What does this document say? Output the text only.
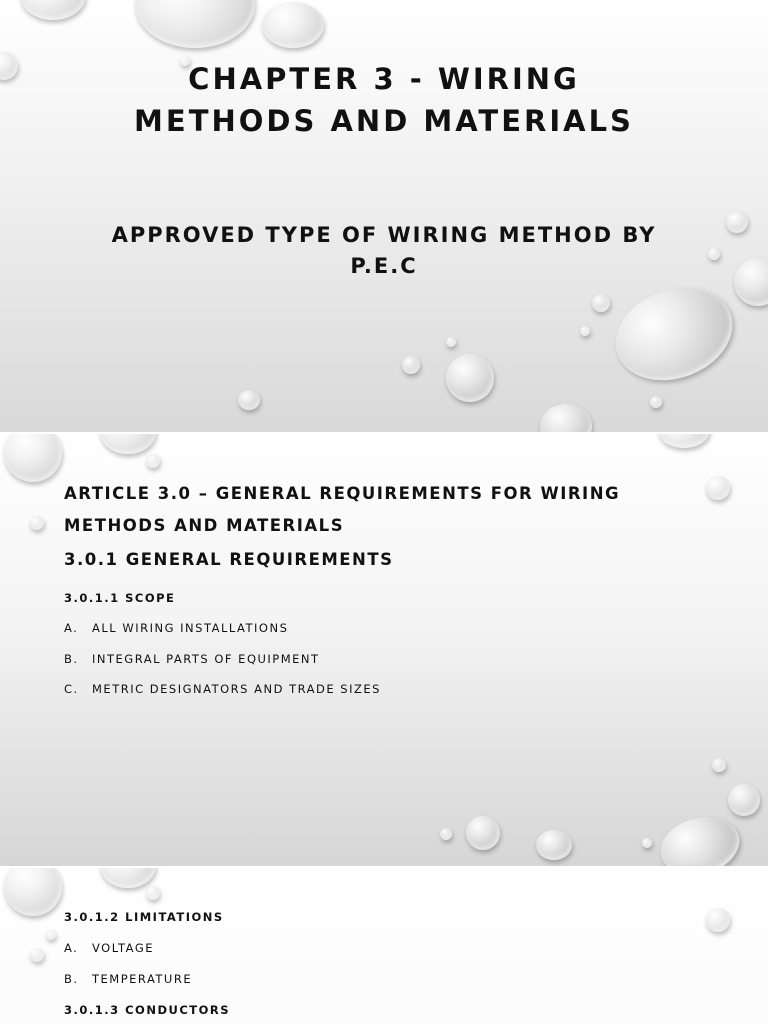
CHAPTER 3 - WIRING METHODS AND MATERIALS
APPROVED TYPE OF WIRING METHOD BY P.E.C
ARTICLE 3.0 – GENERAL REQUIREMENTS FOR WIRING METHODS AND MATERIALS
3.0.1 GENERAL REQUIREMENTS
3.0.1.1 SCOPE
A. ALL WIRING INSTALLATIONS
B. INTEGRAL PARTS OF EQUIPMENT
C. METRIC DESIGNATORS AND TRADE SIZES
3.0.1.2 LIMITATIONS
A. VOLTAGE
B. TEMPERATURE
3.0.1.3 CONDUCTORS
